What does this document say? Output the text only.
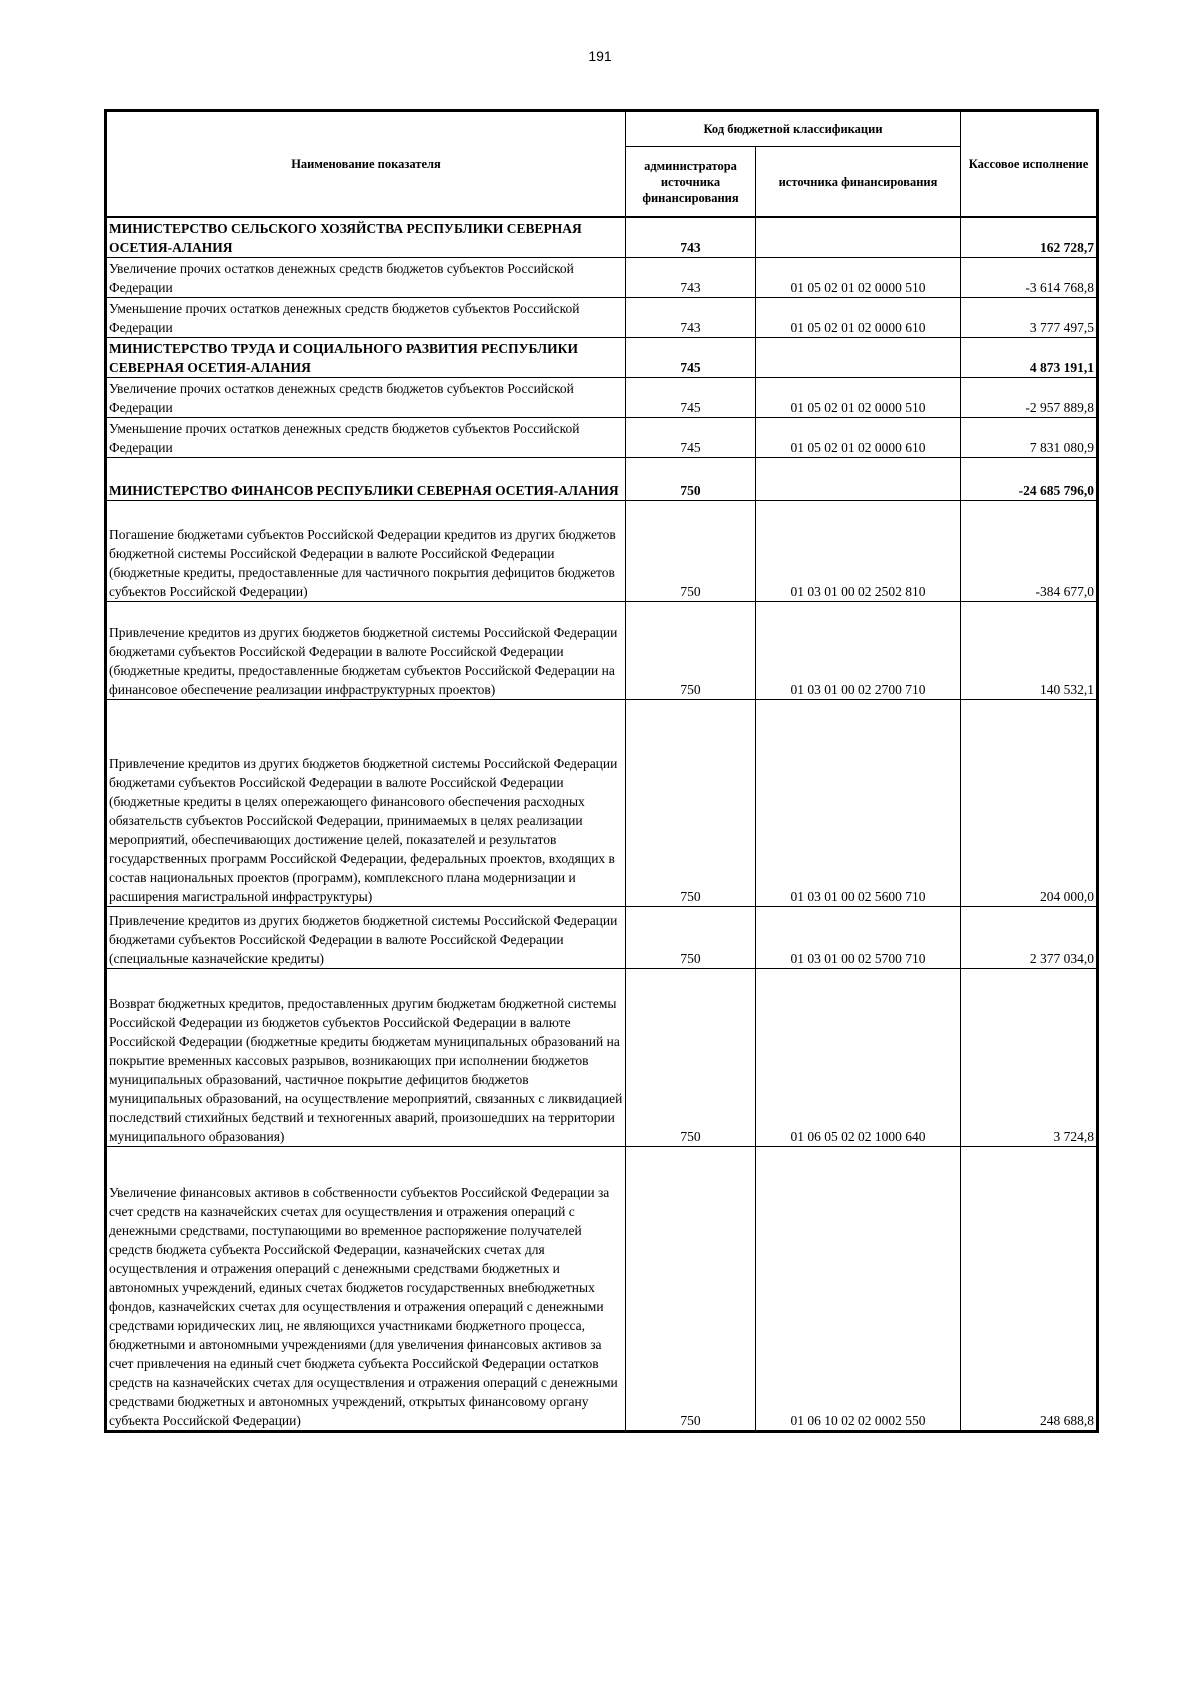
191
Наименование показателя	Код бюджетной классификации		Кассовое исполнение
	администратора источника финансирования	источника финансирования	
МИНИСТЕРСТВО СЕЛЬСКОГО ХОЗЯЙСТВА РЕСПУБЛИКИ СЕВЕРНАЯ ОСЕТИЯ-АЛАНИЯ	743		162 728,7
Увеличение прочих остатков денежных средств бюджетов субъектов Российской Федерации	743	01 05 02 01 02 0000 510	-3 614 768,8
Уменьшение прочих остатков денежных средств бюджетов субъектов Российской Федерации	743	01 05 02 01 02 0000 610	3 777 497,5
МИНИСТЕРСТВО ТРУДА И СОЦИАЛЬНОГО РАЗВИТИЯ РЕСПУБЛИКИ СЕВЕРНАЯ ОСЕТИЯ-АЛАНИЯ	745		4 873 191,1
Увеличение прочих остатков денежных средств бюджетов субъектов Российской Федерации	745	01 05 02 01 02 0000 510	-2 957 889,8
Уменьшение прочих остатков денежных средств бюджетов субъектов Российской Федерации	745	01 05 02 01 02 0000 610	7 831 080,9
МИНИСТЕРСТВО ФИНАНСОВ РЕСПУБЛИКИ СЕВЕРНАЯ ОСЕТИЯ-АЛАНИЯ	750		-24 685 796,0
Погашение бюджетами субъектов Российской Федерации кредитов из других бюджетов бюджетной системы Российской Федерации в валюте Российской Федерации (бюджетные кредиты, предоставленные для частичного покрытия дефицитов бюджетов субъектов Российской Федерации)	750	01 03 01 00 02 2502 810	-384 677,0
Привлечение кредитов из других бюджетов бюджетной системы Российской Федерации бюджетами субъектов Российской Федерации в валюте Российской Федерации (бюджетные кредиты, предоставленные бюджетам субъектов Российской Федерации на финансовое обеспечение реализации инфраструктурных проектов)	750	01 03 01 00 02 2700 710	140 532,1
Привлечение кредитов из других бюджетов бюджетной системы Российской Федерации бюджетами субъектов Российской Федерации в валюте Российской Федерации (бюджетные кредиты в целях опережающего финансового обеспечения расходных обязательств субъектов Российской Федерации, принимаемых в целях реализации мероприятий, обеспечивающих достижение целей, показателей и результатов государственных программ Российской Федерации, федеральных проектов, входящих в состав национальных проектов (программ), комплексного плана модернизации и расширения магистральной инфраструктуры)	750	01 03 01 00 02 5600 710	204 000,0
Привлечение кредитов из других бюджетов бюджетной системы Российской Федерации бюджетами субъектов Российской Федерации в валюте Российской Федерации (специальные казначейские кредиты)	750	01 03 01 00 02 5700 710	2 377 034,0
Возврат бюджетных кредитов, предоставленных другим бюджетам бюджетной системы Российской Федерации из бюджетов субъектов Российской Федерации в валюте Российской Федерации (бюджетные кредиты бюджетам муниципальных образований на покрытие временных кассовых разрывов, возникающих при исполнении бюджетов муниципальных образований, частичное покрытие дефицитов бюджетов муниципальных образований, на осуществление мероприятий, связанных с ликвидацией последствий стихийных бедствий и техногенных аварий, произошедших на территории муниципального образования)	750	01 06 05 02 02 1000 640	3 724,8
Увеличение финансовых активов в собственности субъектов Российской Федерации за счет средств на казначейских счетах для осуществления и отражения операций с денежными средствами, поступающими во временное распоряжение получателей средств бюджета субъекта Российской Федерации, казначейских счетах для осуществления и отражения операций с денежными средствами бюджетных и автономных учреждений, единых счетах бюджетов государственных внебюджетных фондов, казначейских счетах для осуществления и отражения операций с денежными средствами юридических лиц, не являющихся участниками бюджетного процесса, бюджетными и автономными учреждениями (для увеличения финансовых активов за счет привлечения на единый счет бюджета субъекта Российской Федерации остатков средств на казначейских счетах для осуществления и отражения операций с денежными средствами бюджетных и автономных учреждений, открытых финансовому органу субъекта Российской Федерации)	750	01 06 10 02 02 0002 550	248 688,8
